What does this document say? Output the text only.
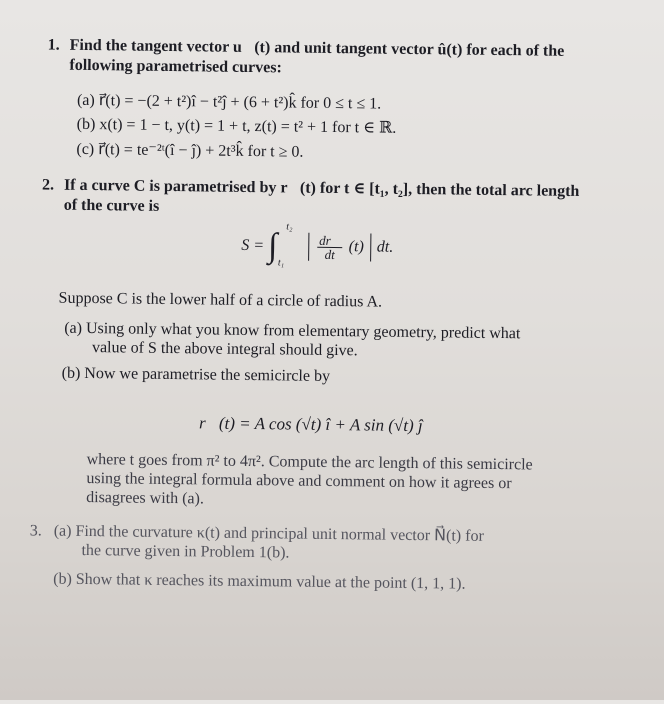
1. Find the tangent vector u⃗(t) and unit tangent vector û(t) for each of the
following parametrised curves:
(a) r⃗(t) = −(2 + t²)î − t²ĵ + (6 + t²)k̂ for 0 ≤ t ≤ 1.
(b) x(t) = 1 − t, y(t) = 1 + t, z(t) = t² + 1 for t ∈ ℝ.
(c) r⃗(t) = te⁻²ᵗ(î − ĵ) + 2t³k̂ for t ≥ 0.
2. If a curve C is parametrised by r⃗(t) for t ∈ [t₁, t₂], then the total arc length
of the curve is
S = ∫
t₂
t₁

$\frac{dr⃗}{dt} (t)$ dt.
Suppose C is the lower half of a circle of radius A.
(a) Using only what you know from elementary geometry, predict what
value of S the above integral should give.
(b) Now we parametrise the semicircle by
r⃗(t) = A cos (√t) î + A sin (√t) ĵ
where t goes from π² to 4π². Compute the arc length of this semicircle
using the integral formula above and comment on how it agrees or
disagrees with (a).
3. (a) Find the curvature κ(t) and principal unit normal vector N⃗(t) for
the curve given in Problem 1(b).
(b) Show that κ reaches its maximum value at the point (1, 1, 1).
